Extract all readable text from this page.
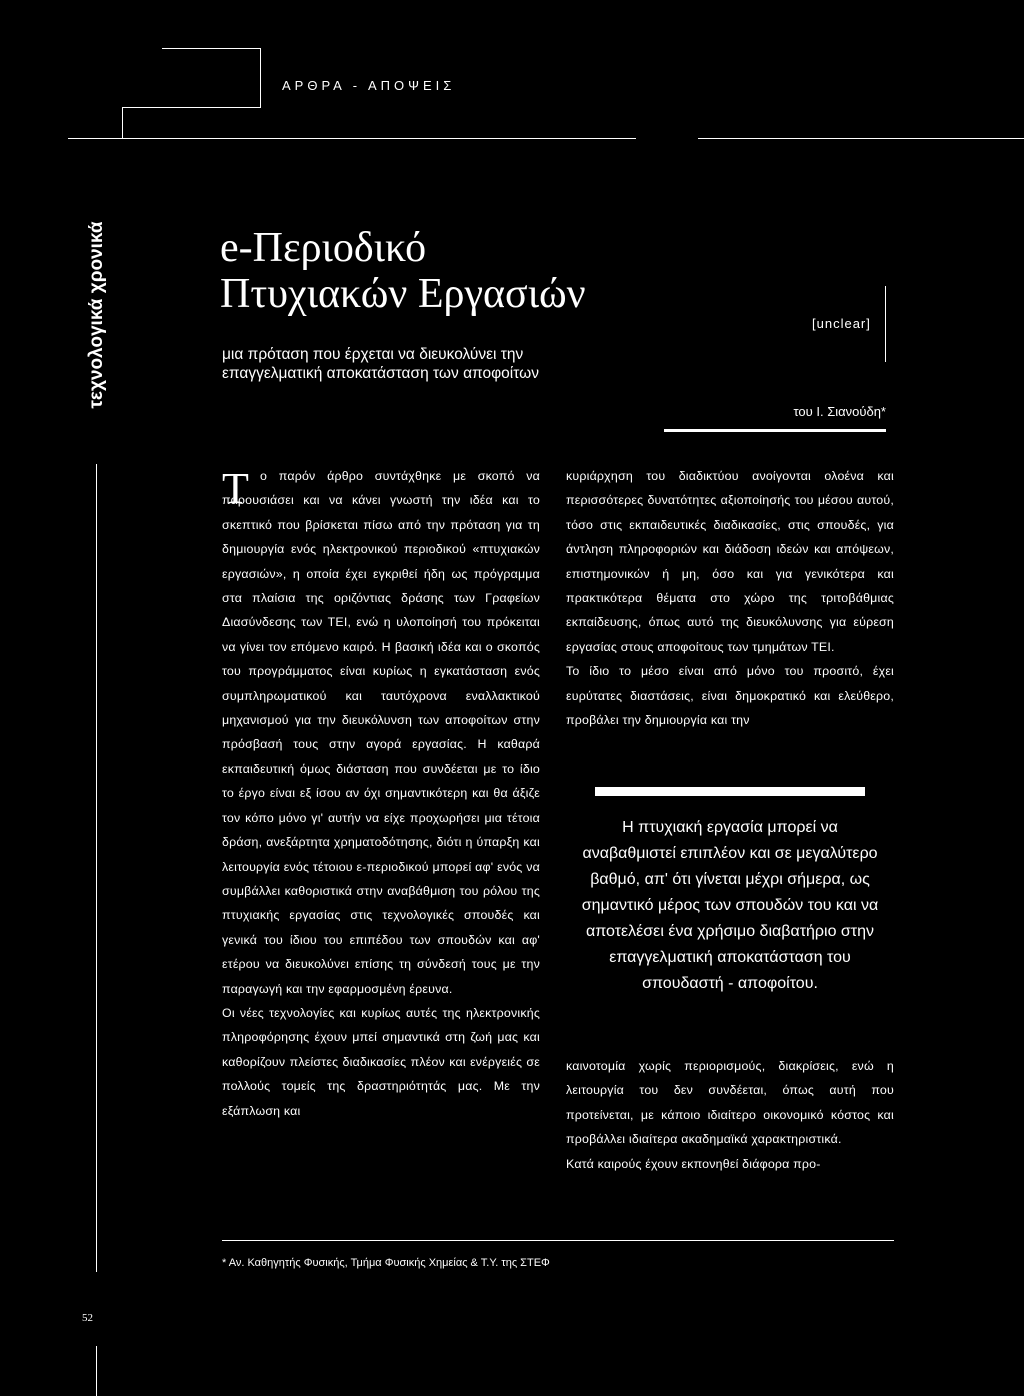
ΑΡΘΡΑ - ΑΠΟΨΕΙΣ
τεχνολογικά χρονικά	e-Περιοδικό
Πτυχιακών Εργασιών
μια πρόταση που έρχεται να διευκολύνει την επαγγελματική αποκατάσταση των αποφοίτων
[unclear]
του Ι. Σιανούδη*
Τ ο παρόν άρθρο συντάχθηκε με σκοπό να παρουσιάσει και να κάνει γνωστή την ιδέα και το σκεπτικό που βρίσκεται πίσω από την πρόταση για τη δημιουργία ενός ηλεκτρονικού περιοδικού «πτυχιακών εργασιών», η οποία έχει εγκριθεί ήδη ως πρόγραμμα στα πλαίσια της οριζόντιας δράσης των Γραφείων Διασύνδεσης των ΤΕΙ, ενώ η υλοποίησή του πρόκειται να γίνει τον επόμενο καιρό. Η βασική ιδέα και ο σκοπός του προγράμματος είναι κυρίως η εγκατάσταση ενός συμπληρωματικού και ταυτόχρονα εναλλακτικού μηχανισμού για την διευκόλυνση των αποφοίτων στην πρόσβασή τους στην αγορά εργασίας. Η καθαρά εκπαιδευτική όμως διάσταση που συνδέεται με το ίδιο το έργο είναι εξ ίσου αν όχι σημαντικότερη και θα άξιζε τον κόπο μόνο γι' αυτήν να είχε προχωρήσει μια τέτοια δράση, ανεξάρτητα χρηματοδότησης, διότι η ύπαρξη και λειτουργία ενός τέτοιου ε-περιοδικού μπορεί αφ' ενός να συμβάλλει καθοριστικά στην αναβάθμιση του ρόλου της πτυχιακής εργασίας στις τεχνολογικές σπουδές και γενικά του ίδιου του επιπέδου των σπουδών και αφ' ετέρου να διευκολύνει επίσης τη σύνδεσή τους με την παραγωγή και την εφαρμοσμένη έρευνα.

Οι νέες τεχνολογίες και κυρίως αυτές της ηλεκτρονικής πληροφόρησης έχουν μπεί σημαντικά στη ζωή μας και καθορίζουν πλείστες διαδικασίες πλέον και ενέργειές σε πολλούς τομείς της δραστηριότητάς μας. Με την εξάπλωση και

κυριάρχηση του διαδικτύου ανοίγονται ολοένα και περισσότερες δυνατότητες αξιοποίησής του μέσου αυτού, τόσο στις εκπαιδευτικές διαδικασίες, στις σπουδές, για άντληση πληροφοριών και διάδοση ιδεών και απόψεων, επιστημονικών ή μη, όσο και για γενικότερα και πρακτικότερα θέματα στο χώρο της τριτοβάθμιας εκπαίδευσης, όπως αυτό της διευκόλυνσης για εύρεση εργασίας στους αποφοίτους των τμημάτων ΤΕΙ.

Το ίδιο το μέσο είναι από μόνο του προσιτό, έχει ευρύτατες διαστάσεις, είναι δημοκρατικό και ελεύθερο, προβάλει την δημιουργία και την

Η πτυχιακή εργασία μπορεί να αναβαθμιστεί επιπλέον και σε μεγαλύτερο βαθμό, απ' ότι γίνεται μέχρι σήμερα, ως σημαντικό μέρος των σπουδών του και να αποτελέσει ένα χρήσιμο διαβατήριο στην επαγγελματική αποκατάσταση του σπουδαστή - αποφοίτου.

καινοτομία χωρίς περιορισμούς, διακρίσεις, ενώ η λειτουργία του δεν συνδέεται, όπως αυτή που προτείνεται, με κάποιο ιδιαίτερο οικονομικό κόστος και προβάλλει ιδιαίτερα ακαδημαϊκά χαρακτηριστικά.

Κατά καιρούς έχουν εκπονηθεί διάφορα προ-

* Αν. Καθηγητής Φυσικής, Τμήμα Φυσικής Χημείας & Τ.Υ. της ΣΤΕΦ
52
